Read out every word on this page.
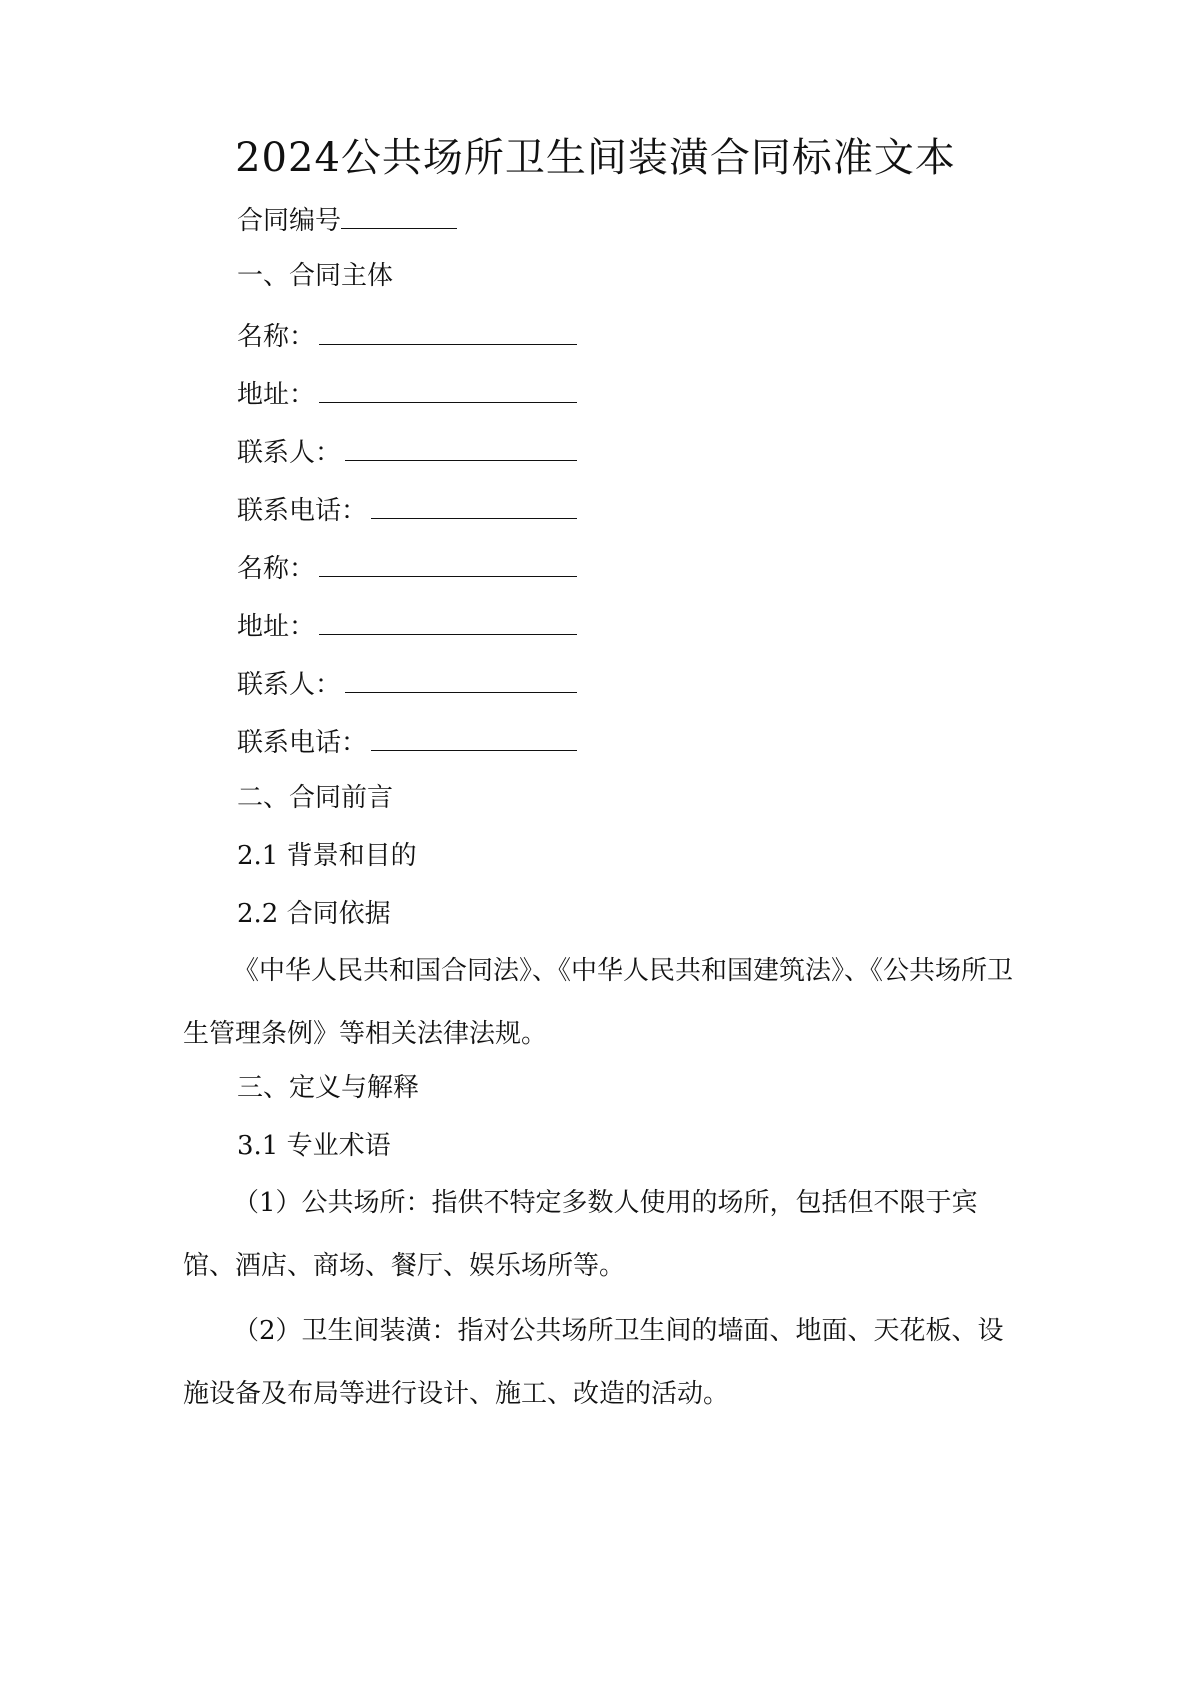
2024公共场所卫生间装潢合同标准文本
合同编号
一、合同主体
名称：
地址：
联系人：
联系电话：
名称：
地址：
联系人：
联系电话：
二、合同前言
2.1 背景和目的
2.2 合同依据
《中华人民共和国合同法》、《中华人民共和国建筑法》、《公共场所卫生管理条例》等相关法律法规。
三、定义与解释
3.1 专业术语
（1）公共场所：指供不特定多数人使用的场所，包括但不限于宾馆、酒店、商场、餐厅、娱乐场所等。
（2）卫生间装潢：指对公共场所卫生间的墙面、地面、天花板、设施设备及布局等进行设计、施工、改造的活动。
